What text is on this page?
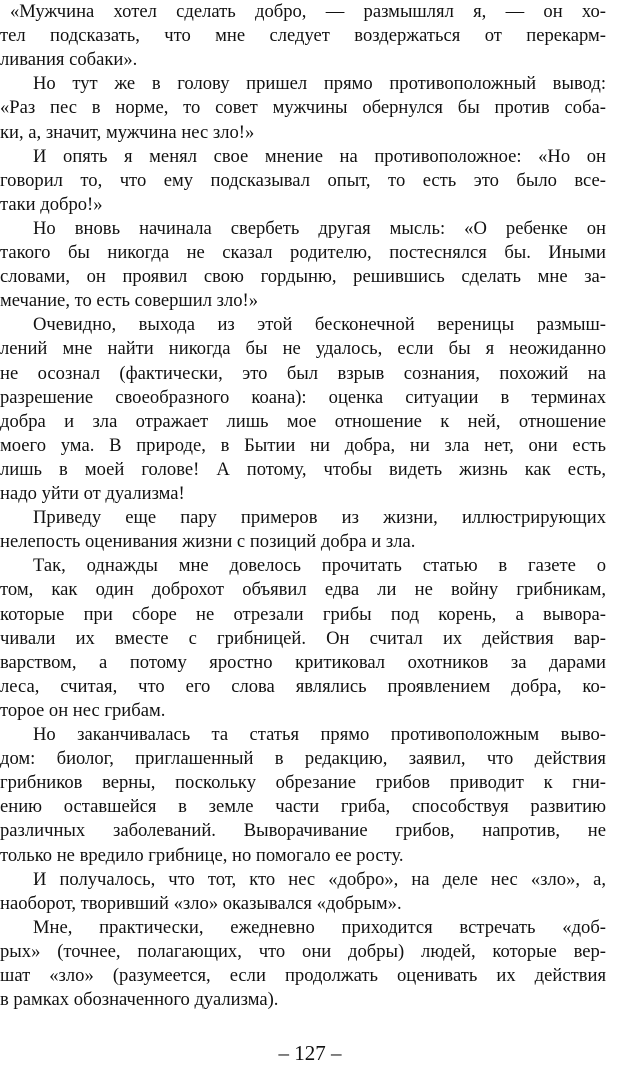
«Мужчина хотел сделать добро, — размышлял я, — он хо-
тел подсказать, что мне следует воздержаться от перекарм-
ливания собаки».
Но тут же в голову пришел прямо противоположный вывод:
«Раз пес в норме, то совет мужчины обернулся бы против соба-
ки, а, значит, мужчина нес зло!»
И опять я менял свое мнение на противоположное: «Но он
говорил то, что ему подсказывал опыт, то есть это было все-
таки добро!»
Но вновь начинала свербеть другая мысль: «О ребенке он
такого бы никогда не сказал родителю, постеснялся бы. Иными
словами, он проявил свою гордыню, решившись сделать мне за-
мечание, то есть совершил зло!»
Очевидно, выхода из этой бесконечной вереницы размыш-
лений мне найти никогда бы не удалось, если бы я неожиданно
не осознал (фактически, это был взрыв сознания, похожий на
разрешение своеобразного коана): оценка ситуации в терминах
добра и зла отражает лишь мое отношение к ней, отношение
моего ума. В природе, в Бытии ни добра, ни зла нет, они есть
лишь в моей голове! А потому, чтобы видеть жизнь как есть,
надо уйти от дуализма!
Приведу еще пару примеров из жизни, иллюстрирующих
нелепость оценивания жизни с позиций добра и зла.
Так, однажды мне довелось прочитать статью в газете о
том, как один доброхот объявил едва ли не войну грибникам,
которые при сборе не отрезали грибы под корень, а вывора-
чивали их вместе с грибницей. Он считал их действия вар-
варством, а потому яростно критиковал охотников за дарами
леса, считая, что его слова являлись проявлением добра, ко-
торое он нес грибам.
Но заканчивалась та статья прямо противоположным выво-
дом: биолог, приглашенный в редакцию, заявил, что действия
грибников верны, поскольку обрезание грибов приводит к гни-
ению оставшейся в земле части гриба, способствуя развитию
различных заболеваний. Выворачивание грибов, напротив, не
только не вредило грибнице, но помогало ее росту.
И получалось, что тот, кто нес «добро», на деле нес «зло», а,
наоборот, творивший «зло» оказывался «добрым».
Мне, практически, ежедневно приходится встречать «доб-
рых» (точнее, полагающих, что они добры) людей, которые вер-
шат «зло» (разумеется, если продолжать оценивать их действия
в рамках обозначенного дуализма).
– 127 –
